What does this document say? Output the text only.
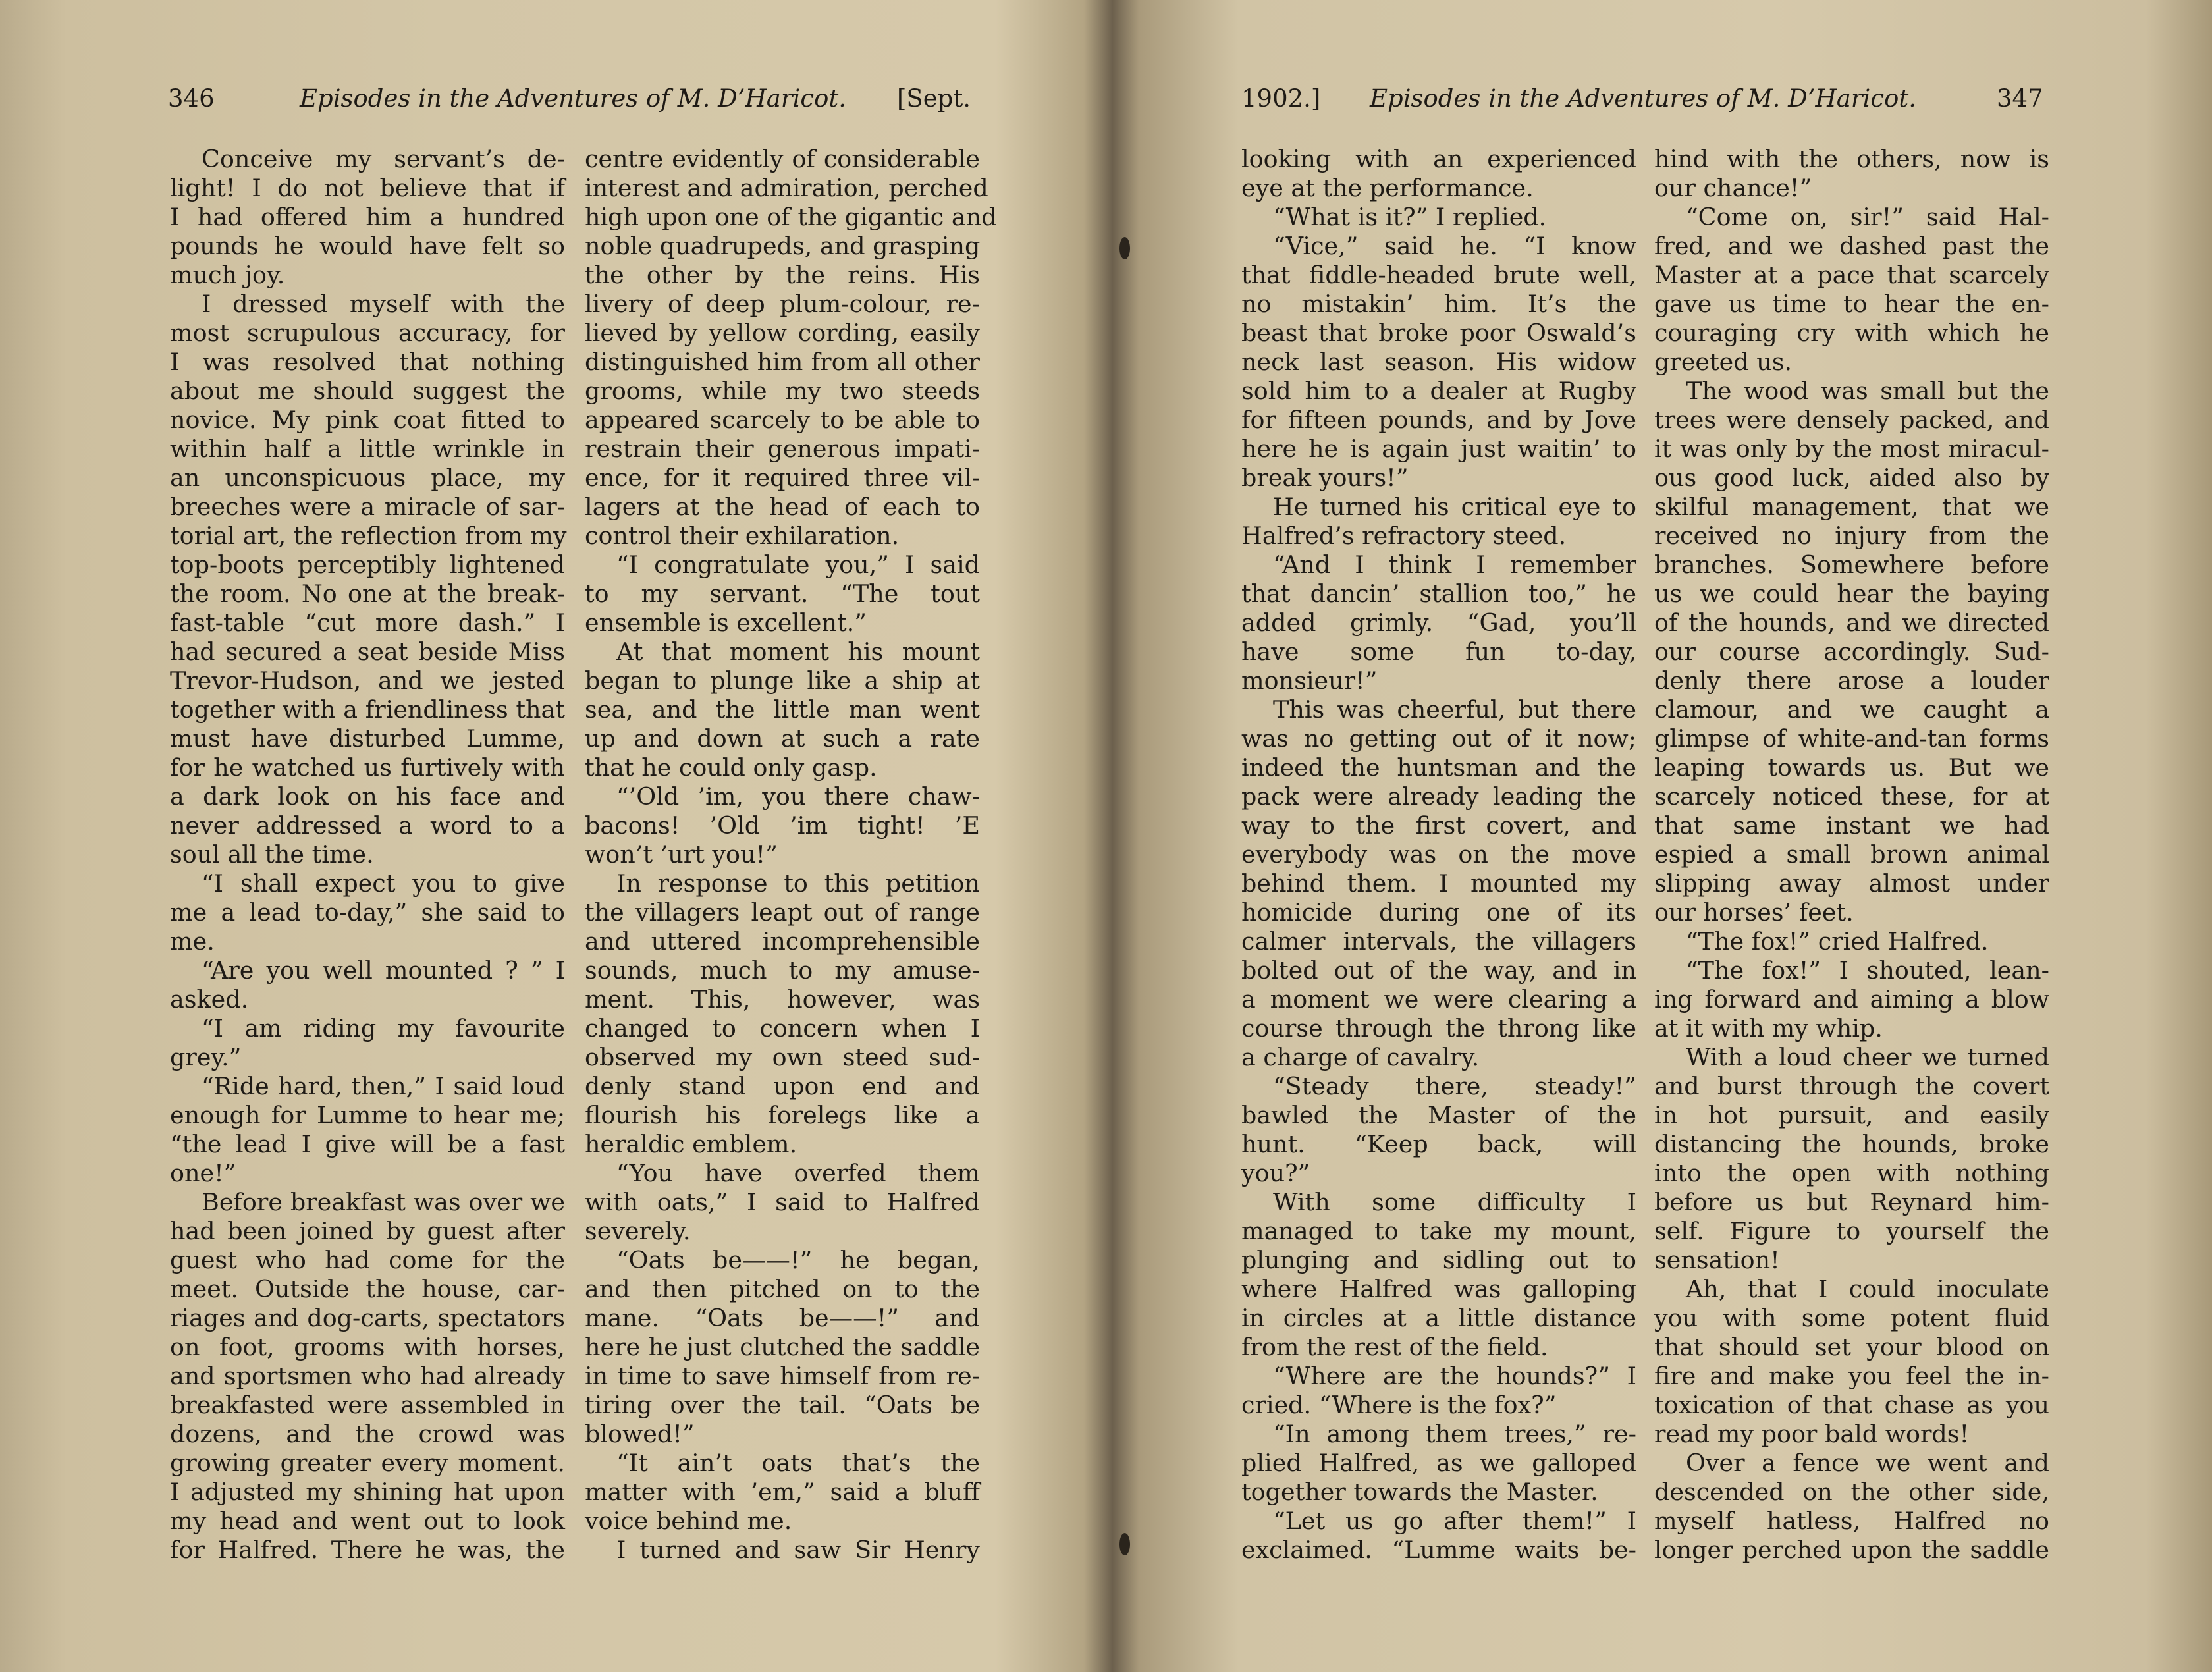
346	Episodes in the Adventures of M. D’Haricot. [Sept.
Conceive my servant’s de-
light! I do not believe that if
I had offered him a hundred
pounds he would have felt so
much joy.
I dressed myself with the
most scrupulous accuracy, for
I was resolved that nothing
about me should suggest the
novice. My pink coat fitted to
within half a little wrinkle in
an unconspicuous place, my
breeches were a miracle of sar-
torial art, the reflection from my
top-boots perceptibly lightened
the room. No one at the break-
fast-table “cut more dash.” I
had secured a seat beside Miss
Trevor-Hudson, and we jested
together with a friendliness that
must have disturbed Lumme,
for he watched us furtively with
a dark look on his face and
never addressed a word to a
soul all the time.
“I shall expect you to give
me a lead to-day,” she said to
me.
“Are you well mounted ? ” I
asked.
“I am riding my favourite
grey.”
“Ride hard, then,” I said loud
enough for Lumme to hear me;
“the lead I give will be a fast
one!”
Before breakfast was over we
had been joined by guest after
guest who had come for the
meet. Outside the house, car-
riages and dog-carts, spectators
on foot, grooms with horses,
and sportsmen who had already
breakfasted were assembled in
dozens, and the crowd was
growing greater every moment.
I adjusted my shining hat upon
my head and went out to look
for Halfred. There he was, the
centre evidently of considerable
interest and admiration, perched
high upon one of the gigantic and
noble quadrupeds, and grasping
the other by the reins. His
livery of deep plum-colour, re-
lieved by yellow cording, easily
distinguished him from all other
grooms, while my two steeds
appeared scarcely to be able to
restrain their generous impati-
ence, for it required three vil-
lagers at the head of each to
control their exhilaration.
“I congratulate you,” I said
to my servant. “The tout
ensemble is excellent.”
At that moment his mount
began to plunge like a ship at
sea, and the little man went
up and down at such a rate
that he could only gasp.
“’Old ’im, you there chaw-
bacons! ’Old ’im tight! ’E
won’t ’urt you!”
In response to this petition
the villagers leapt out of range
and uttered incomprehensible
sounds, much to my amuse-
ment. This, however, was
changed to concern when I
observed my own steed sud-
denly stand upon end and
flourish his forelegs like a
heraldic emblem.
“You have overfed them
with oats,” I said to Halfred
severely.
“Oats be——!” he began,
and then pitched on to the
mane. “Oats be——!” and
here he just clutched the saddle
in time to save himself from re-
tiring over the tail. “Oats be
blowed!”
“It ain’t oats that’s the
matter with ’em,” said a bluff
voice behind me.
I turned and saw Sir Henry
1902.] Episodes in the Adventures of M. D’Haricot.	347
looking with an experienced
eye at the performance.
“What is it?” I replied.
“Vice,” said he. “I know
that fiddle-headed brute well,
no mistakin’ him. It’s the
beast that broke poor Oswald’s
neck last season. His widow
sold him to a dealer at Rugby
for fifteen pounds, and by Jove
here he is again just waitin’ to
break yours!”
He turned his critical eye to
Halfred’s refractory steed.
“And I think I remember
that dancin’ stallion too,” he
added grimly. “Gad, you’ll
have some fun to-day,
monsieur!”
This was cheerful, but there
was no getting out of it now;
indeed the huntsman and the
pack were already leading the
way to the first covert, and
everybody was on the move
behind them. I mounted my
homicide during one of its
calmer intervals, the villagers
bolted out of the way, and in
a moment we were clearing a
course through the throng like
a charge of cavalry.
“Steady there, steady!”
bawled the Master of the
hunt. “Keep back, will
you?”
With some difficulty I
managed to take my mount,
plunging and sidling out to
where Halfred was galloping
in circles at a little distance
from the rest of the field.
“Where are the hounds?” I
cried. “Where is the fox?”
“In among them trees,” re-
plied Halfred, as we galloped
together towards the Master.
“Let us go after them!” I
exclaimed. “Lumme waits be-
hind with the others, now is
our chance!”
“Come on, sir!” said Hal-
fred, and we dashed past the
Master at a pace that scarcely
gave us time to hear the en-
couraging cry with which he
greeted us.
The wood was small but the
trees were densely packed, and
it was only by the most miracul-
ous good luck, aided also by
skilful management, that we
received no injury from the
branches. Somewhere before
us we could hear the baying
of the hounds, and we directed
our course accordingly. Sud-
denly there arose a louder
clamour, and we caught a
glimpse of white-and-tan forms
leaping towards us. But we
scarcely noticed these, for at
that same instant we had
espied a small brown animal
slipping away almost under
our horses’ feet.
“The fox!” cried Halfred.
“The fox!” I shouted, lean-
ing forward and aiming a blow
at it with my whip.
With a loud cheer we turned
and burst through the covert
in hot pursuit, and easily
distancing the hounds, broke
into the open with nothing
before us but Reynard him-
self. Figure to yourself the
sensation!
Ah, that I could inoculate
you with some potent fluid
that should set your blood on
fire and make you feel the in-
toxication of that chase as you
read my poor bald words!
Over a fence we went and
descended on the other side,
myself hatless, Halfred no
longer perched upon the saddle
